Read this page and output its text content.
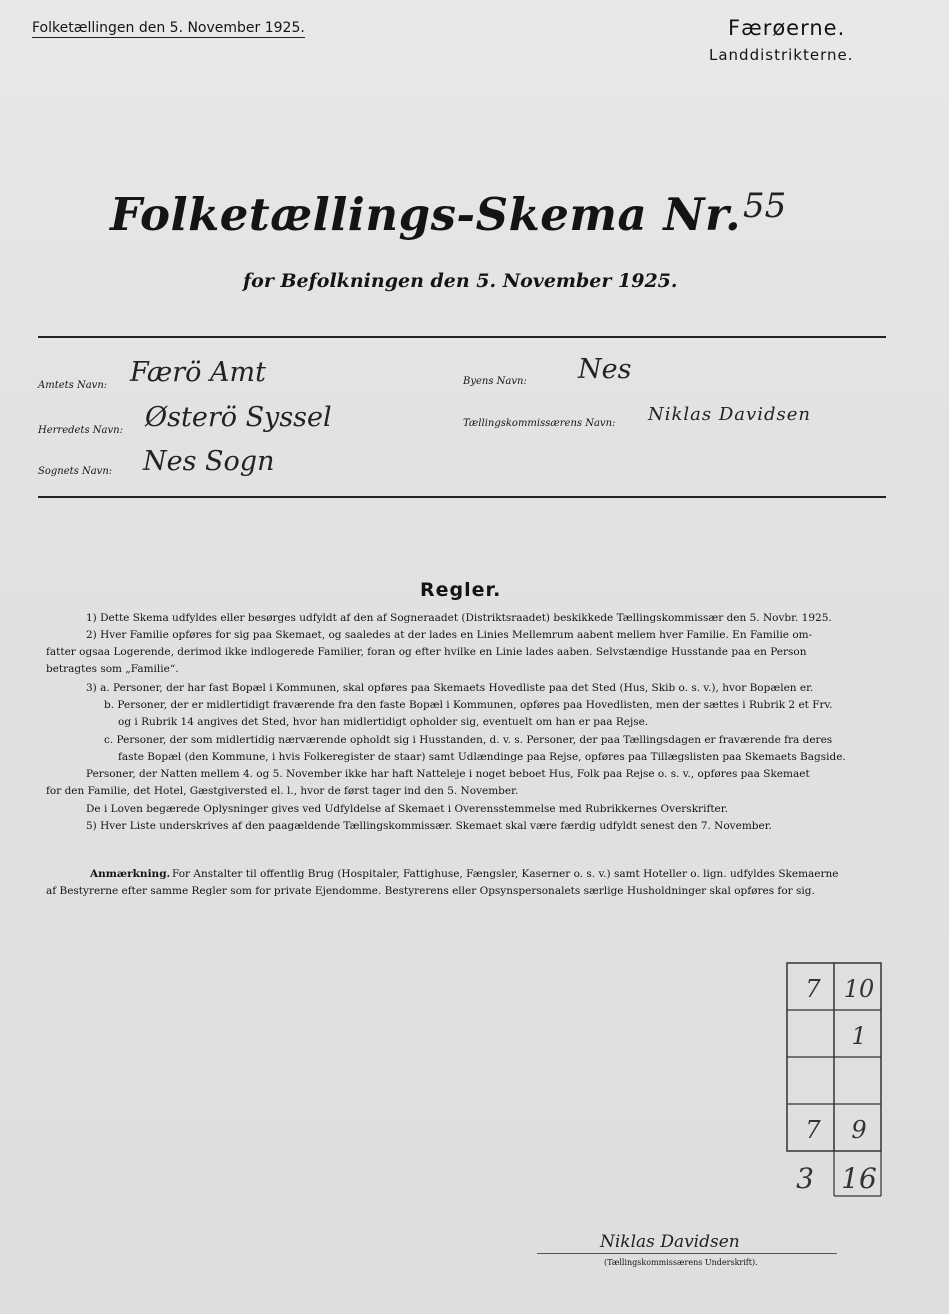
Folketællingen den 5. November 1925.	Færøerne.
Landdistrikterne.
Folketællings-Skema Nr. 55
for Befolkningen den 5. November 1925.
Amtets Navn: Færö Amt
Herredets Navn: Østerö Syssel
Sognets Navn: Nes Sogn
Byens Navn: Nes
Tællingskommissærens Navn: Niklas Davidsen
Regler.
1) Dette Skema udfyldes eller besørges udfyldt af den af Sogneraadet (Distriktsraadet) beskikkede Tællingskommissær den 5. Novbr. 1925.
2) Hver Familie opføres for sig paa Skemaet, og saaledes at der lades en Linies Mellemrum aabent mellem hver Familie. En Familie om-
fatter ogsaa Logerende, derimod ikke indlogerede Familier, foran og efter hvilke en Linie lades aaben. Selvstændige Husstande paa en Person
betragtes som „Familie“.
3) a. Personer, der har fast Bopæl i Kommunen, skal opføres paa Skemaets Hovedliste paa det Sted (Hus, Skib o. s. v.), hvor Bopælen er.
b. Personer, der er midlertidigt fraværende fra den faste Bopæl i Kommunen, opføres paa Hovedlisten, men der sættes i Rubrik 2 et Frv.
og i Rubrik 14 angives det Sted, hvor han midlertidigt opholder sig, eventuelt om han er paa Rejse.
c. Personer, der som midlertidig nærværende opholdt sig i Husstanden, d. v. s. Personer, der paa Tællingsdagen er fraværende fra deres
faste Bopæl (den Kommune, i hvis Folkeregister de staar) samt Udlændinge paa Rejse, opføres paa Tillægslisten paa Skemaets Bagside.
Personer, der Natten mellem 4. og 5. November ikke har haft Natteleje i noget beboet Hus, Folk paa Rejse o. s. v., opføres paa Skemaet
for den Familie, det Hotel, Gæstgiversted el. l., hvor de først tager ind den 5. November.
De i Loven begærede Oplysninger gives ved Udfyldelse af Skemaet i Overensstemmelse med Rubrikkernes Overskrifter.
5) Hver Liste underskrives af den paagældende Tællingskommissær. Skemaet skal være færdig udfyldt senest den 7. November.
Anmærkning. For Anstalter til offentlig Brug (Hospitaler, Fattighuse, Fængsler, Kaserner o. s. v.) samt Hoteller o. lign. udfyldes Skemaerne
af Bestyrerne efter samme Regler som for private Ejendomme. Bestyrerens eller Opsynspersonalets særlige Husholdninger skal opføres for sig.
7 10
1
7	9
3 16
Niklas Davidsen
(Tællingskommissærens Underskrift).
